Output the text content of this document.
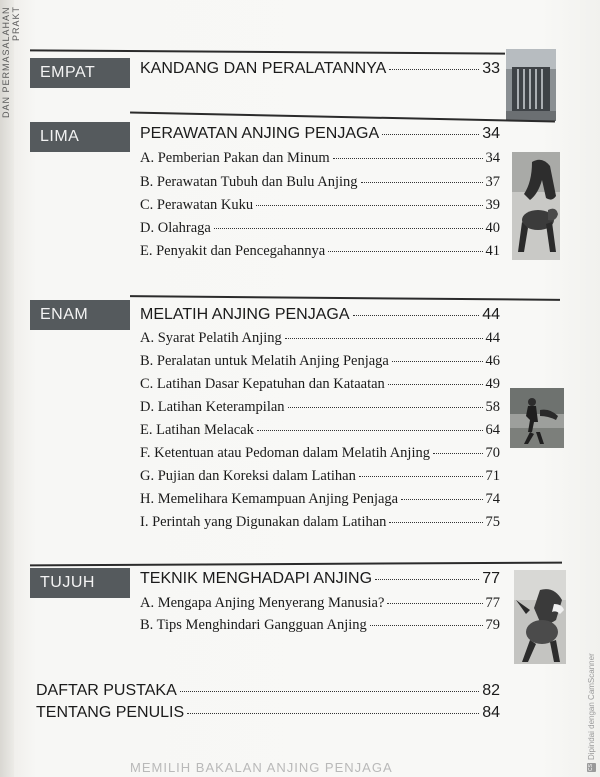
DAN PERMASALAHAN PRAKT
EMPAT	KANDANG DAN PERALATANNYA	33
LIMA	PERAWATAN ANJING PENJAGA	34
A. Pemberian Pakan dan Minum	34
B. Perawatan Tubuh dan Bulu Anjing	37
C. Perawatan Kuku	39
D. Olahraga	40
E. Penyakit dan Pencegahannya	41
ENAM	MELATIH ANJING PENJAGA	44
A. Syarat Pelatih Anjing	44
B. Peralatan untuk Melatih Anjing Penjaga	46
C. Latihan Dasar Kepatuhan dan Kataatan	49
D. Latihan Keterampilan	58
E. Latihan Melacak	64
F. Ketentuan atau Pedoman dalam Melatih Anjing	70
G. Pujian dan Koreksi dalam Latihan	71
H. Memelihara Kemampuan Anjing Penjaga	74
I. Perintah yang Digunakan dalam Latihan	75
TUJUH	TEKNIK MENGHADAPI ANJING	77
A. Mengapa Anjing Menyerang Manusia?	77
B. Tips Menghindari Gangguan Anjing	79
DAFTAR PUSTAKA	82
TENTANG PENULIS	84
MEMILIH BAKALAN ANJING PENJAGA	CS
Dipindai dengan CamScanner
